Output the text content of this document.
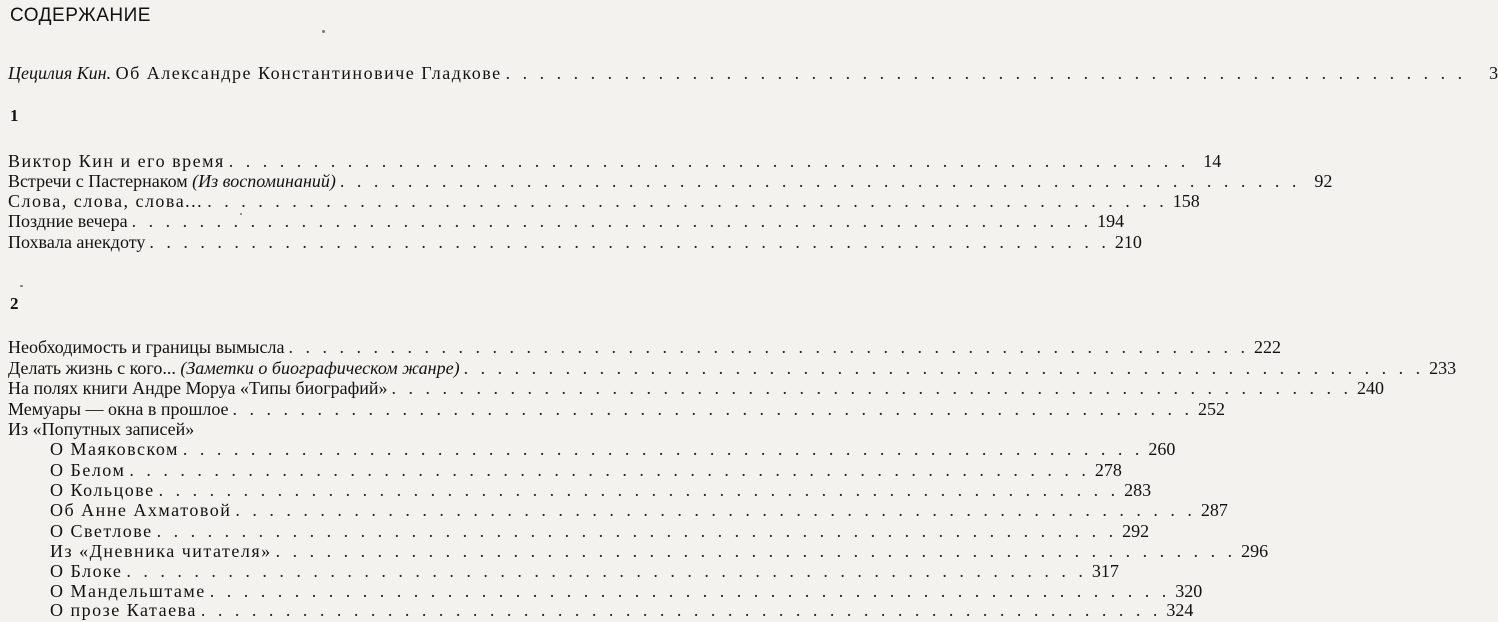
СОДЕРЖАНИЕ
Цецилия Кин. Об Александре Константиновиче Гладкове . . .	3
1
Виктор Кин и его время . . .	14
Встречи с Пастернаком (Из воспоминаний) . . .	92
Слова, слова, слова... . . .	158
Поздние вечера . . .	194
Похвала анекдоту . . .	210
2
Необходимость и границы вымысла . . .	222
Делать жизнь с кого... (Заметки о биографическом жанре) . . .	233
На полях книги Андре Моруа «Типы биографий» . . .	240
Мемуары — окна в прошлое . . .	252
Из «Попутных записей»
О Маяковском . . .	260
О Белом . . .	278
О Кольцове . . .	283
Об Анне Ахматовой . . .	287
О Светлове . . .	292
Из «Дневника читателя» . . .	296
О Блоке . . .	317
О Мандельштаме . . .	320
О прозе Катаева . . .	324
